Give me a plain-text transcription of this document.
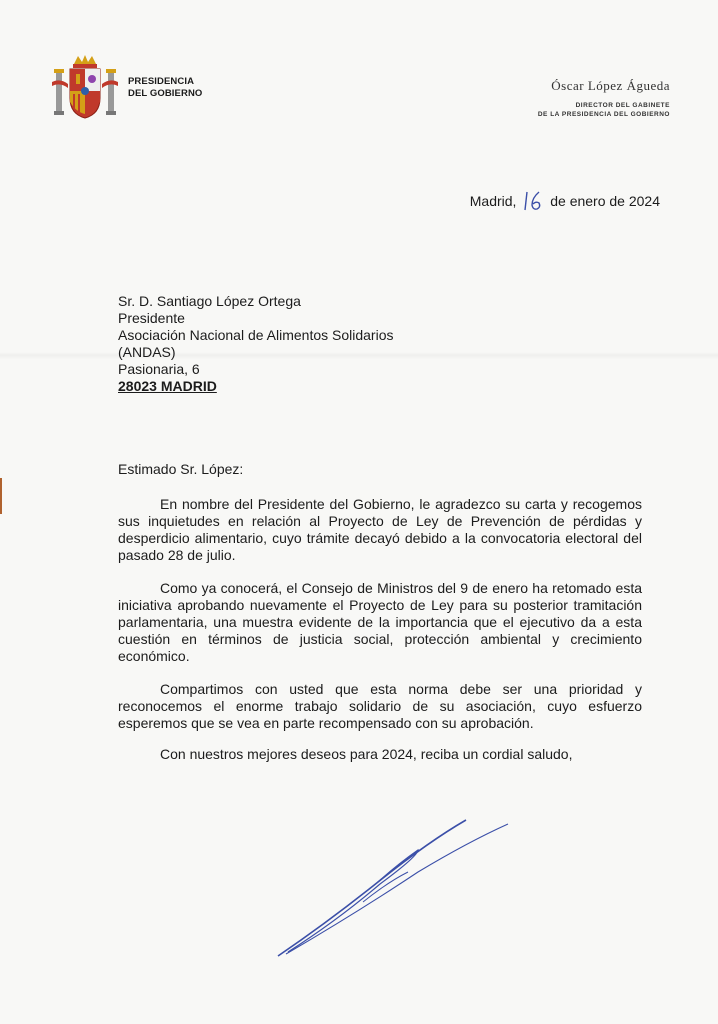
PRESIDENCIA
DEL GOBIERNO
Óscar López Águeda
DIRECTOR DEL GABINETE
DE LA PRESIDENCIA DEL GOBIERNO
Madrid, de enero de 2024
Sr. D. Santiago López Ortega
Presidente
Asociación Nacional de Alimentos Solidarios
(ANDAS)
Pasionaria, 6
28023 MADRID
Estimado Sr. López:

En nombre del Presidente del Gobierno, le agradezco su carta y recogemos sus inquietudes en relación al Proyecto de Ley de Prevención de pérdidas y desperdicio alimentario, cuyo trámite decayó debido a la convocatoria electoral del pasado 28 de julio.

Como ya conocerá, el Consejo de Ministros del 9 de enero ha retomado esta iniciativa aprobando nuevamente el Proyecto de Ley para su posterior tramitación parlamentaria, una muestra evidente de la importancia que el ejecutivo da a esta cuestión en términos de justicia social, protección ambiental y crecimiento económico.

Compartimos con usted que esta norma debe ser una prioridad y reconocemos el enorme trabajo solidario de su asociación, cuyo esfuerzo esperemos que se vea en parte recompensado con su aprobación.

Con nuestros mejores deseos para 2024, reciba un cordial saludo,
